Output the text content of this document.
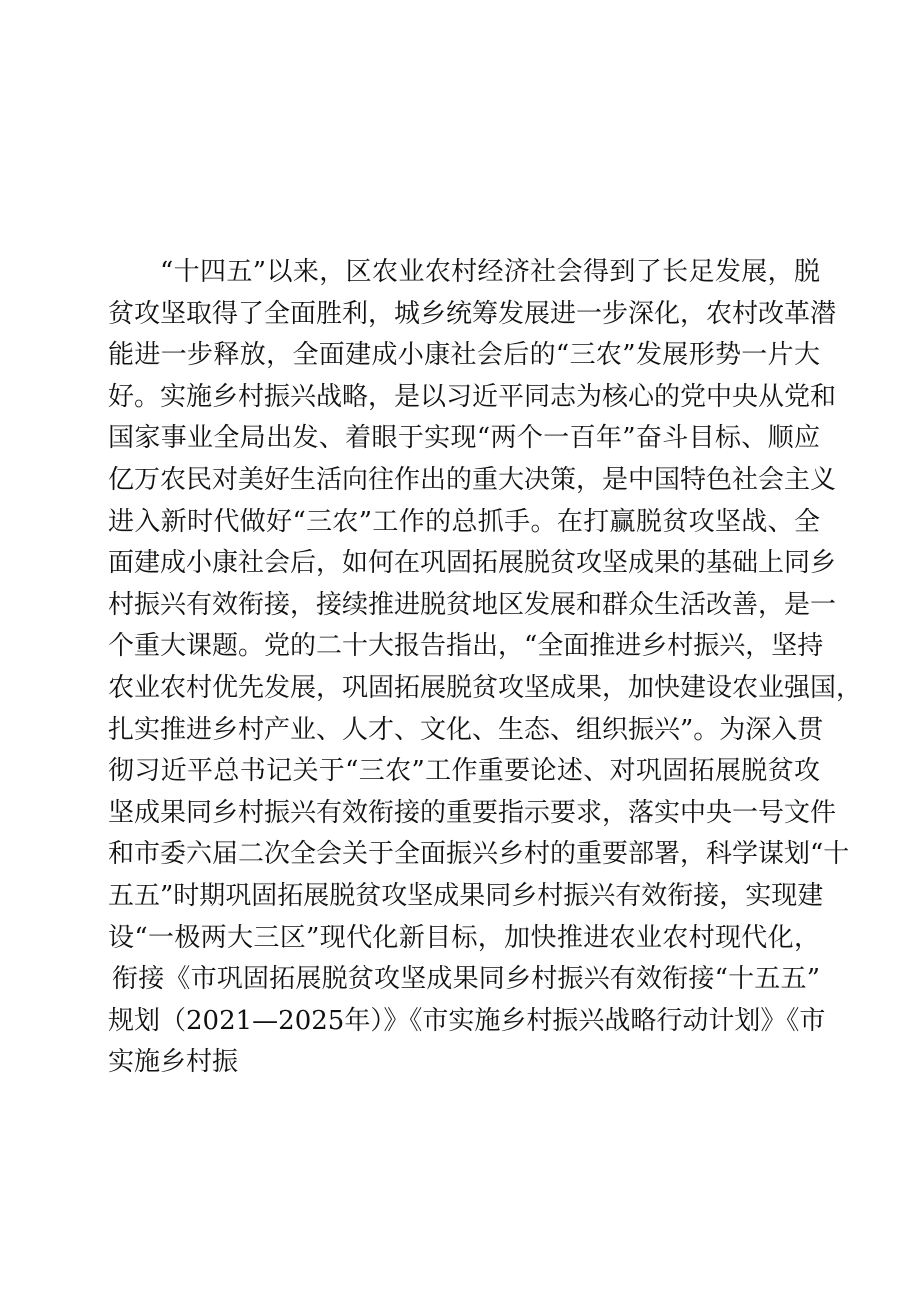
“十四五”以来，区农业农村经济社会得到了长足发展，脱
贫攻坚取得了全面胜利，城乡统筹发展进一步深化，农村改革潜
能进一步释放，全面建成小康社会后的“三农”发展形势一片大
好。实施乡村振兴战略，是以习近平同志为核心的党中央从党和
国家事业全局出发、着眼于实现“两个一百年”奋斗目标、顺应
亿万农民对美好生活向往作出的重大决策，是中国特色社会主义
进入新时代做好“三农”工作的总抓手。在打赢脱贫攻坚战、全
面建成小康社会后，如何在巩固拓展脱贫攻坚成果的基础上同乡
村振兴有效衔接，接续推进脱贫地区发展和群众生活改善，是一
个重大课题。党的二十大报告指出，“全面推进乡村振兴，坚持
农业农村优先发展，巩固拓展脱贫攻坚成果，加快建设农业强国，
扎实推进乡村产业、人才、文化、生态、组织振兴”。为深入贯
彻习近平总书记关于“三农”工作重要论述、对巩固拓展脱贫攻
坚成果同乡村振兴有效衔接的重要指示要求，落实中央一号文件
和市委六届二次全会关于全面振兴乡村的重要部署，科学谋划“十
五五”时期巩固拓展脱贫攻坚成果同乡村振兴有效衔接，实现建
设“一极两大三区”现代化新目标，加快推进农业农村现代化，
衔接《市巩固拓展脱贫攻坚成果同乡村振兴有效衔接“十五五”
规划（2021—2025年）》《市实施乡村振兴战略行动计划》《市
实施乡村振
